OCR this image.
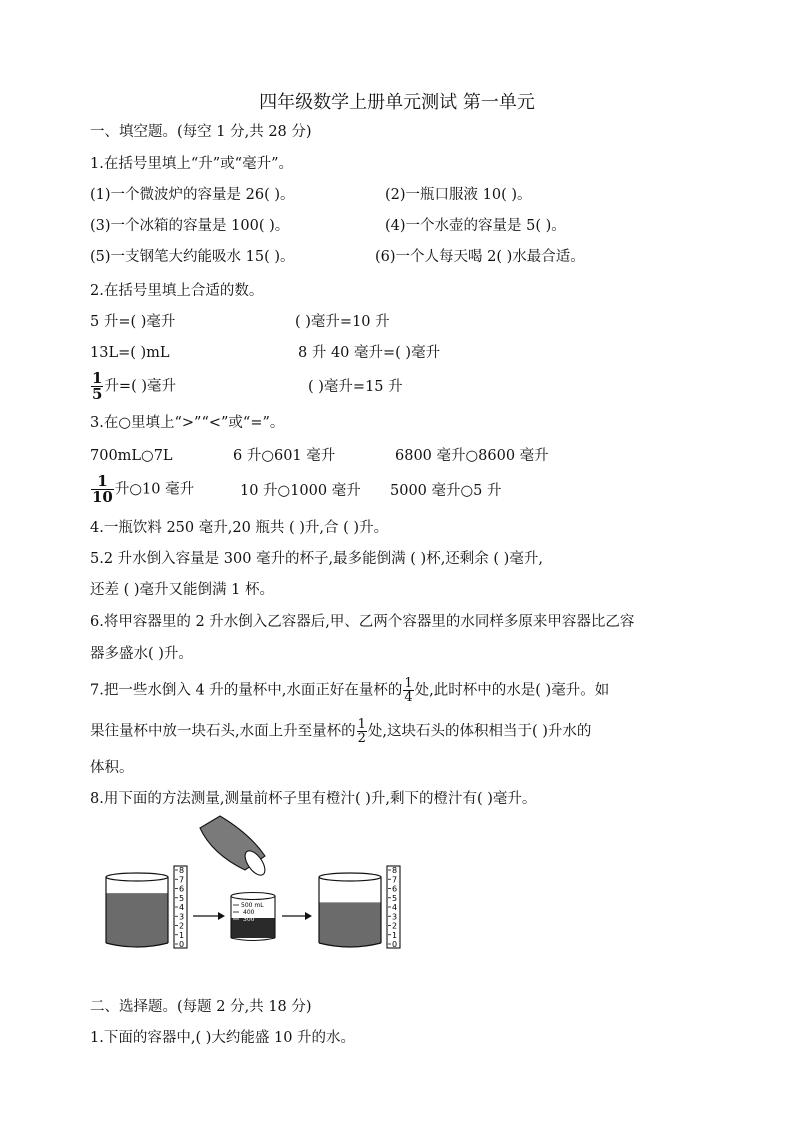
四年级数学上册单元测试 第一单元
一、填空题。(每空 1 分,共 28 分)
1.在括号里填上“升”或“毫升”。
(1)一个微波炉的容量是 26( )。	(2)一瓶口服液 10( )。
(3)一个冰箱的容量是 100( )。	(4)一个水壶的容量是 5( )。
(5)一支钢笔大约能吸水 15( )。	(6)一个人每天喝 2( )水最合适。
2.在括号里填上合适的数。
5 升=( )毫升	( )毫升=10 升
13L=( )mL	8 升 40 毫升=( )毫升
$\frac{1}{5}$ 升=( )毫升	( )毫升=15 升
3.在○里填上“>”“<”或“=”。
700mL○7L	6 升○601 毫升	6800 毫升○8600 毫升
$\frac{1}{10}$ 升○10 毫升	10 升○1000 毫升 5000 毫升○5 升
4.一瓶饮料 250 毫升,20 瓶共 ( )升,合 ( )升。
5.2 升水倒入容量是 300 毫升的杯子,最多能倒满 ( )杯,还剩余 ( )毫升,
还差 ( )毫升又能倒满 1 杯。
6.将甲容器里的 2 升水倒入乙容器后,甲、乙两个容器里的水同样多原来甲容器比乙容
器多盛水( )升。
7.把一些水倒入 4 升的量杯中,水面正好在量杯的 $\frac{1}{4}$ 处,此时杯中的水是( )毫升。如
果往量杯中放一块石头,水面上升至量杯的 $\frac{1}{2}$ 处,这块石头的体积相当于( )升水的
体积。
8.用下面的方法测量,测量前杯子里有橙汁( )升,剩下的橙汁有( )毫升。
8
7
6
5
4
3
2
1
0
500 mL
400
300
8
7
6
5
4
3
2
1
0
二、选择题。(每题 2 分,共 18 分)
1.下面的容器中,( )大约能盛 10 升的水。
